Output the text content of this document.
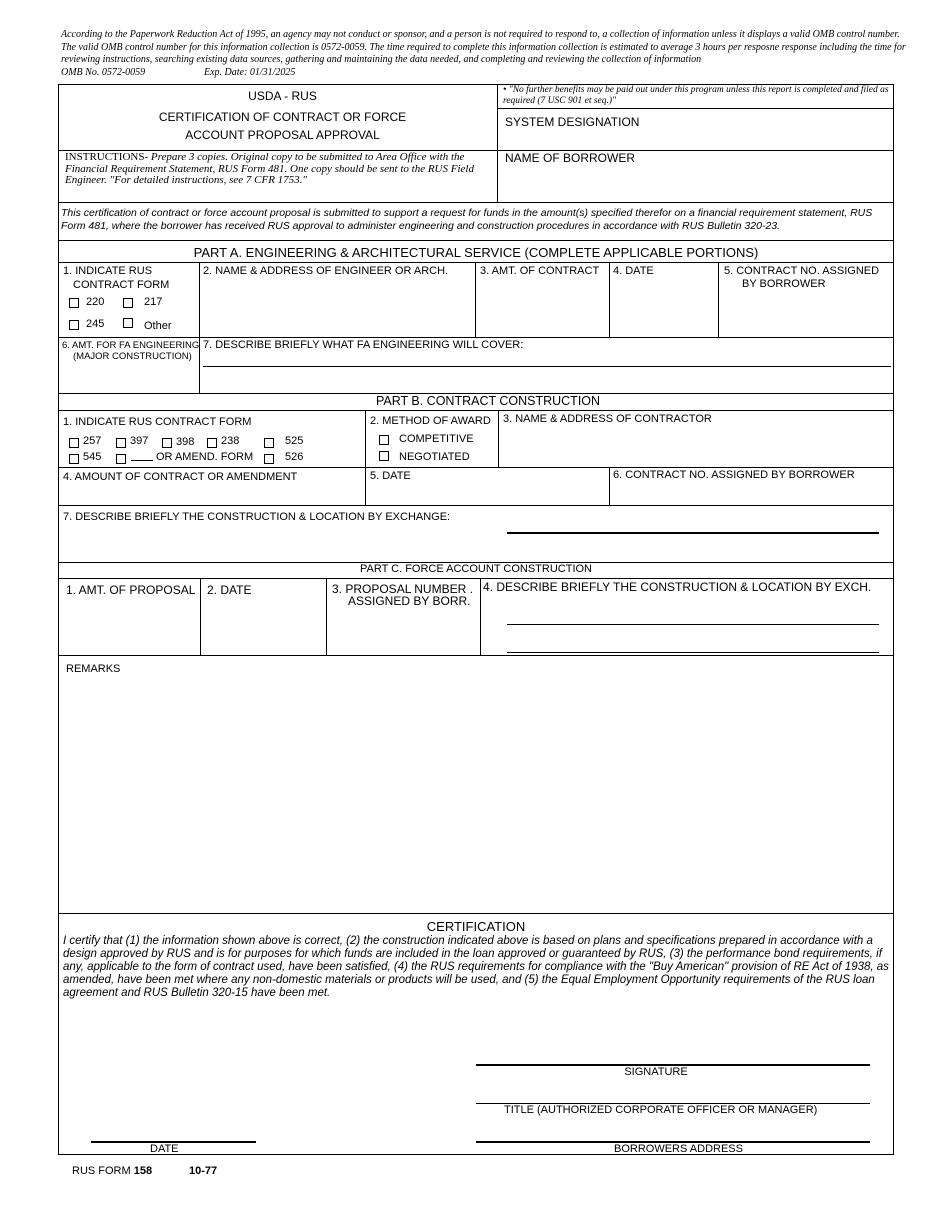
According to the Paperwork Reduction Act of 1995, an agency may not conduct or sponsor, and a person is not required to respond to, a collection of information unless it displays a valid OMB control number. The valid OMB control number for this information collection is 0572-0059. The time required to complete this information collection is estimated to average 3 hours per resposne response including the time for reviewing instructions, searching existing data sources, gathering and maintaining the data needed, and completing and reviewing the collection of information
OMB No. 0572-0059	Exp. Date: 01/31/2025
USDA - RUS
CERTIFICATION OF CONTRACT OR FORCE
ACCOUNT PROPOSAL APPROVAL
• "No further benefits may be paid out under this program unless this report is completed and filed as required (7 USC 901 et seq.)"
SYSTEM DESIGNATION
NAME OF BORROWER
INSTRUCTIONS- Prepare 3 copies. Original copy to be submitted to Area Office with the Financial Requirement Statement, RUS Form 481. One copy should be sent to the RUS Field Engineer. "For detailed instructions, see 7 CFR 1753."
This certification of contract or force account proposal is submitted to support a request for funds in the amount(s) specified therefor on a financial requirement statement, RUS Form 481, where the borrower has received RUS approval to administer engineering and construction procedures in accordance with RUS Bulletin 320-23.
PART A. ENGINEERING & ARCHITECTURAL SERVICE (COMPLETE APPLICABLE PORTIONS)
1. INDICATE RUS
CONTRACT FORM
220	217
245	Other
2. NAME & ADDRESS OF ENGINEER OR ARCH.	3. AMT. OF CONTRACT 4. DATE	5. CONTRACT NO. ASSIGNED
BY BORROWER
6. AMT. FOR FA ENGINEERING
(MAJOR CONSTRUCTION)
7. DESCRIBE BRIEFLY WHAT FA ENGINEERING WILL COVER:
PART B. CONTRACT CONSTRUCTION
1. INDICATE RUS CONTRACT FORM
257	397	398 238	525
545	OR AMEND. FORM	526
2. METHOD OF AWARD
COMPETITIVE
NEGOTIATED
3. NAME & ADDRESS OF CONTRACTOR
4. AMOUNT OF CONTRACT OR AMENDMENT	5. DATE	6. CONTRACT NO. ASSIGNED BY BORROWER
7. DESCRIBE BRIEFLY THE CONSTRUCTION & LOCATION BY EXCHANGE:
PART C. FORCE ACCOUNT CONSTRUCTION
1. AMT. OF PROPOSAL 2. DATE	3. PROPOSAL NUMBER .
ASSIGNED BY BORR.
4. DESCRIBE BRIEFLY THE CONSTRUCTION & LOCATION BY EXCH.
REMARKS
CERTIFICATION
I certify that (1) the information shown above is correct, (2) the construction indicated above is based on plans and specifications prepared in accordance with a design approved by RUS and is for purposes for which funds are included in the loan approved or guaranteed by RUS, (3) the performance bond requirements, if any, applicable to the form of contract used, have been satisfied, (4) the RUS requirements for compliance with the "Buy American" provision of RE Act of 1938, as amended, have been met where any non-domestic materials or products will be used, and (5) the Equal Employment Opportunity requirements of the RUS loan agreement and RUS Bulletin 320-15 have been met.
SIGNATURE
TITLE (AUTHORIZED CORPORATE OFFICER OR MANAGER)
DATE	BORROWERS ADDRESS
RUS FORM 158	10-77
